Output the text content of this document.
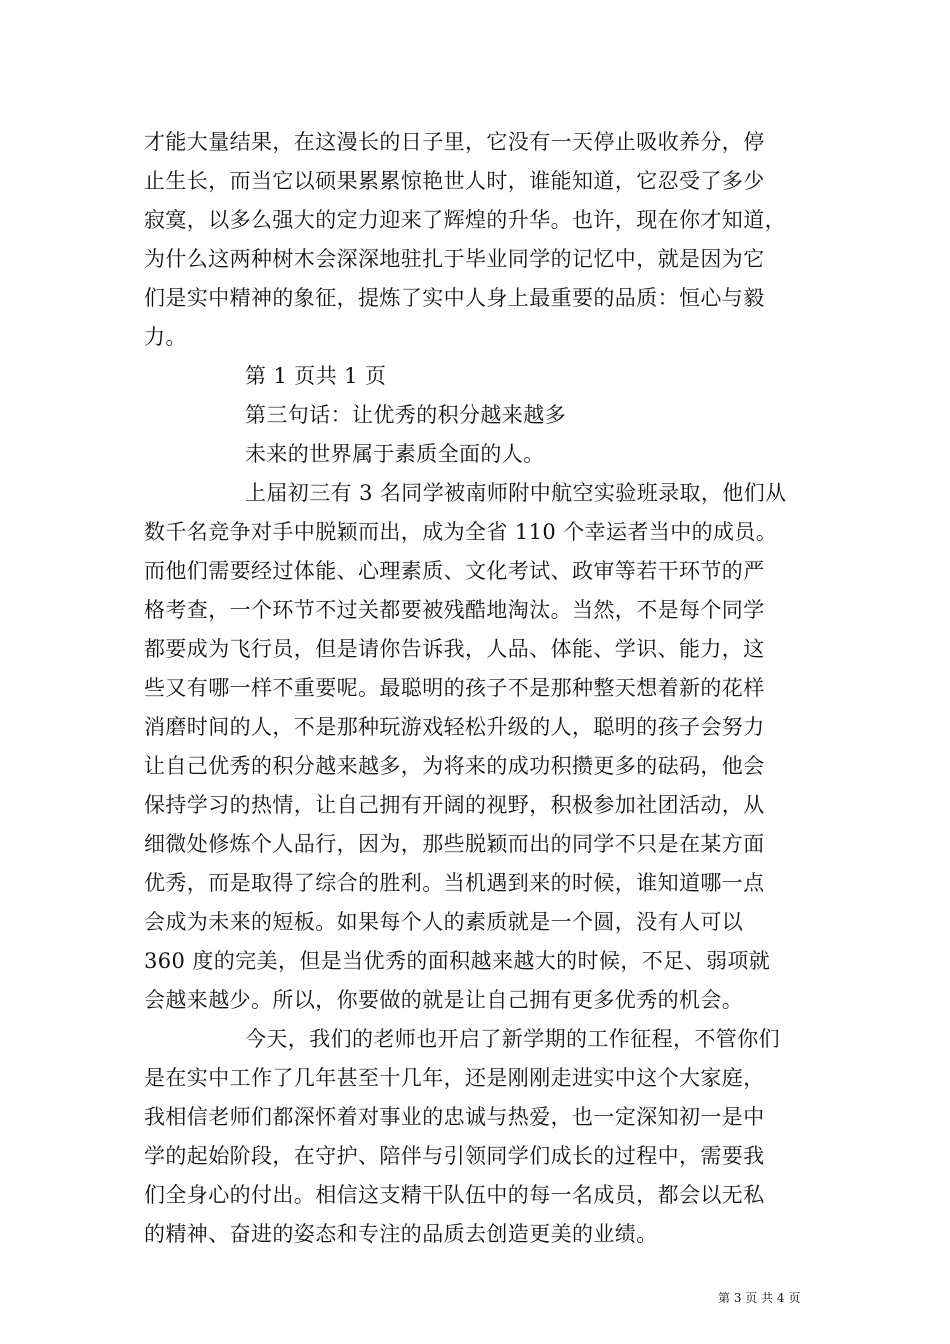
才能大量结果，在这漫长的日子里，它没有一天停止吸收养分，停
止生长，而当它以硕果累累惊艳世人时，谁能知道，它忍受了多少
寂寞，以多么强大的定力迎来了辉煌的升华。也许，现在你才知道，
为什么这两种树木会深深地驻扎于毕业同学的记忆中，就是因为它
们是实中精神的象征，提炼了实中人身上最重要的品质：恒心与毅
力。
第 1 页共 1 页
第三句话：让优秀的积分越来越多
未来的世界属于素质全面的人。
上届初三有 3 名同学被南师附中航空实验班录取，他们从
数千名竞争对手中脱颖而出，成为全省 110 个幸运者当中的成员。
而他们需要经过体能、心理素质、文化考试、政审等若干环节的严
格考查，一个环节不过关都要被残酷地淘汰。当然，不是每个同学
都要成为飞行员，但是请你告诉我，人品、体能、学识、能力，这
些又有哪一样不重要呢。最聪明的孩子不是那种整天想着新的花样
消磨时间的人，不是那种玩游戏轻松升级的人，聪明的孩子会努力
让自己优秀的积分越来越多，为将来的成功积攒更多的砝码，他会
保持学习的热情，让自己拥有开阔的视野，积极参加社团活动，从
细微处修炼个人品行，因为，那些脱颖而出的同学不只是在某方面
优秀，而是取得了综合的胜利。当机遇到来的时候，谁知道哪一点
会成为未来的短板。如果每个人的素质就是一个圆，没有人可以
360 度的完美，但是当优秀的面积越来越大的时候，不足、弱项就
会越来越少。所以，你要做的就是让自己拥有更多优秀的机会。
今天，我们的老师也开启了新学期的工作征程，不管你们
是在实中工作了几年甚至十几年，还是刚刚走进实中这个大家庭，
我相信老师们都深怀着对事业的忠诚与热爱，也一定深知初一是中
学的起始阶段，在守护、陪伴与引领同学们成长的过程中，需要我
们全身心的付出。相信这支精干队伍中的每一名成员，都会以无私
的精神、奋进的姿态和专注的品质去创造更美的业绩。
第 3 页 共 4 页
